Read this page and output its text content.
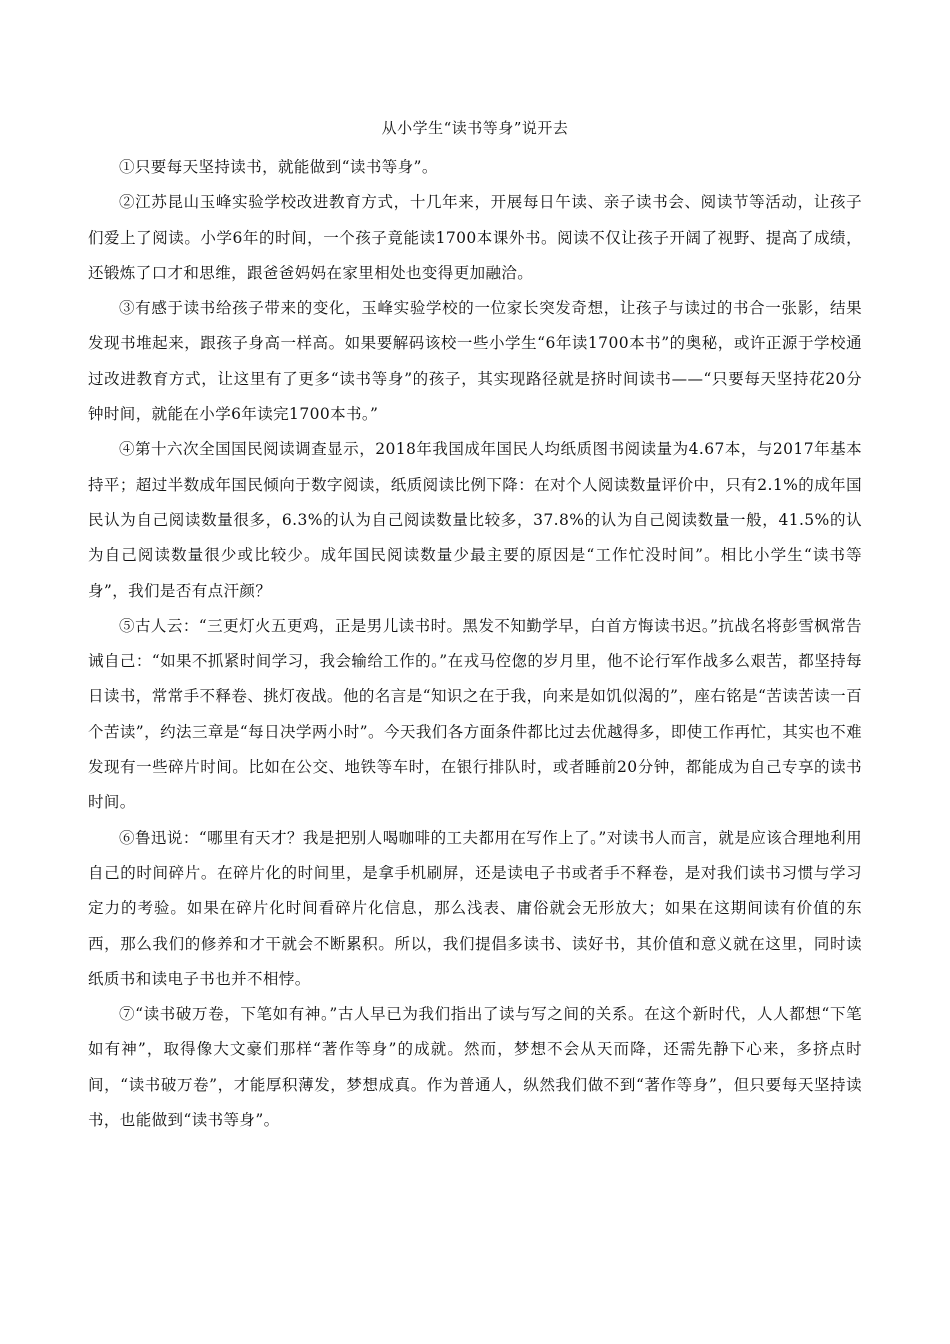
从小学生“读书等身”说开去

①只要每天坚持读书，就能做到“读书等身”。

②江苏昆山玉峰实验学校改进教育方式，十几年来，开展每日午读、亲子读书会、阅读节等活动，让孩子们爱上了阅读。小学6年的时间，一个孩子竟能读1700本课外书。阅读不仅让孩子开阔了视野、提高了成绩，还锻炼了口才和思维，跟爸爸妈妈在家里相处也变得更加融洽。

③有感于读书给孩子带来的变化，玉峰实验学校的一位家长突发奇想，让孩子与读过的书合一张影，结果发现书堆起来，跟孩子身高一样高。如果要解码该校一些小学生“6年读1700本书”的奥秘，或许正源于学校通过改进教育方式，让这里有了更多“读书等身”的孩子，其实现路径就是挤时间读书——“只要每天坚持花20分钟时间，就能在小学6年读完1700本书。”

④第十六次全国国民阅读调查显示，2018年我国成年国民人均纸质图书阅读量为4.67本，与2017年基本持平；超过半数成年国民倾向于数字阅读，纸质阅读比例下降：在对个人阅读数量评价中，只有2.1%的成年国民认为自己阅读数量很多，6.3%的认为自己阅读数量比较多，37.8%的认为自己阅读数量一般，41.5%的认为自己阅读数量很少或比较少。成年国民阅读数量少最主要的原因是“工作忙没时间”。相比小学生“读书等身”，我们是否有点汗颜？

⑤古人云：“三更灯火五更鸡，正是男儿读书时。黑发不知勤学早，白首方悔读书迟。”抗战名将彭雪枫常告诫自己：“如果不抓紧时间学习，我会输给工作的。”在戎马倥偬的岁月里，他不论行军作战多么艰苦，都坚持每日读书，常常手不释卷、挑灯夜战。他的名言是“知识之在于我，向来是如饥似渴的”，座右铭是“苦读苦读一百个苦读”，约法三章是“每日决学两小时”。今天我们各方面条件都比过去优越得多，即使工作再忙，其实也不难发现有一些碎片时间。比如在公交、地铁等车时，在银行排队时，或者睡前20分钟，都能成为自己专享的读书时间。

⑥鲁迅说：“哪里有天才？我是把别人喝咖啡的工夫都用在写作上了。”对读书人而言，就是应该合理地利用自己的时间碎片。在碎片化的时间里，是拿手机刷屏，还是读电子书或者手不释卷，是对我们读书习惯与学习定力的考验。如果在碎片化时间看碎片化信息，那么浅表、庸俗就会无形放大；如果在这期间读有价值的东西，那么我们的修养和才干就会不断累积。所以，我们提倡多读书、读好书，其价值和意义就在这里，同时读纸质书和读电子书也并不相悖。

⑦“读书破万卷，下笔如有神。”古人早已为我们指出了读与写之间的关系。在这个新时代，人人都想“下笔如有神”，取得像大文豪们那样“著作等身”的成就。然而，梦想不会从天而降，还需先静下心来，多挤点时间，“读书破万卷”，才能厚积薄发，梦想成真。作为普通人，纵然我们做不到“著作等身”，但只要每天坚持读书，也能做到“读书等身”。
